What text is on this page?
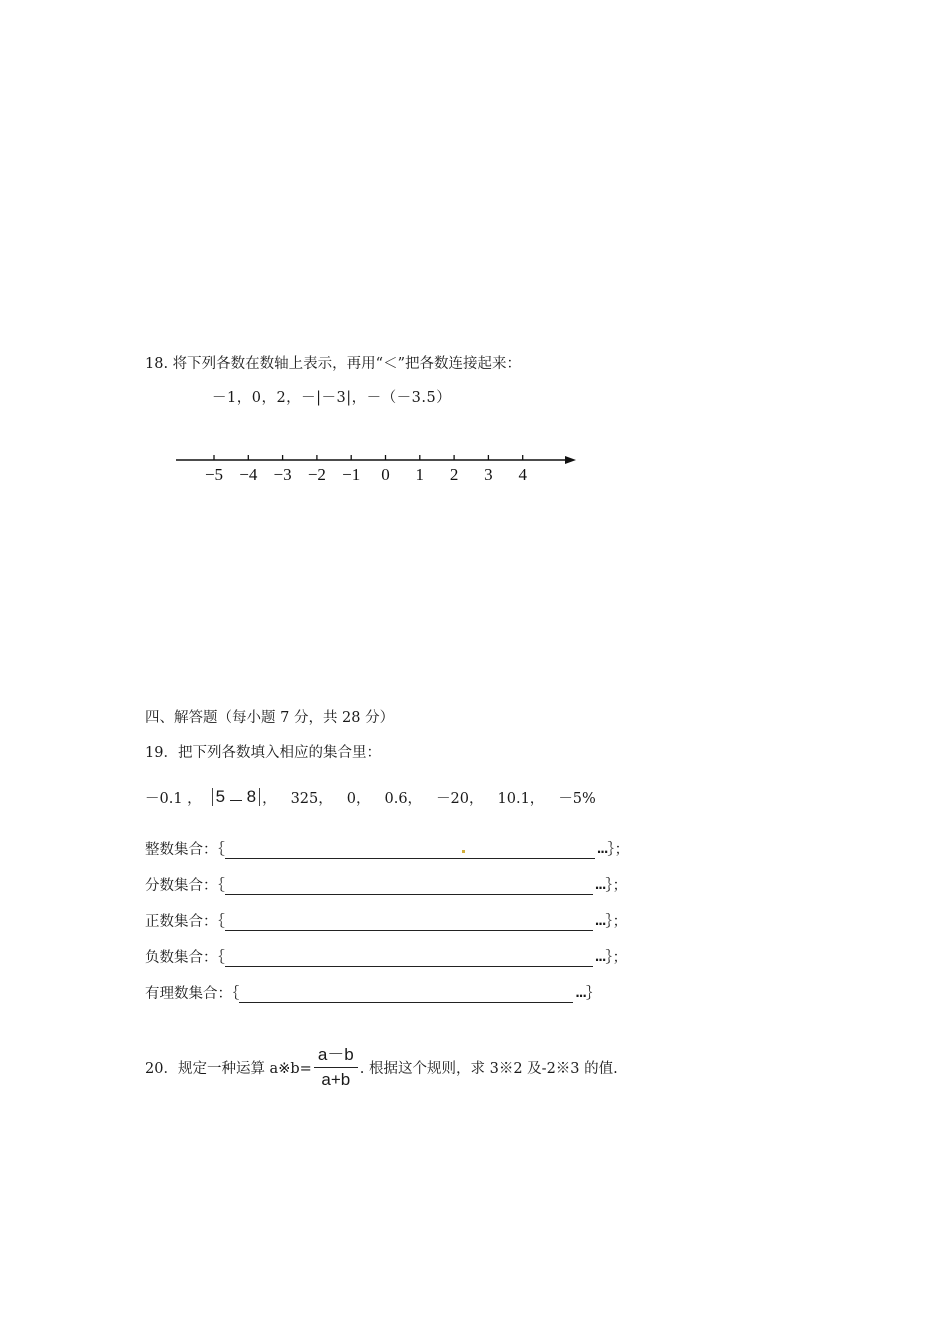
18. 将下列各数在数轴上表示，再用“＜”把各数连接起来：
－1，0，2，－|－3|，－（－3.5）
−5 −4 −3 −2 −1 0 1 2 3 4
四、解答题（每小题 7 分，共 28 分）
19．把下列各数填入相应的集合里：
－0.1 ， 5 8 ， 325， 0， 0.6， －20， 10.1， －5%
整数集合：｛	··· ｝；
分数集合：｛	··· ｝；
正数集合：｛	··· ｝；
负数集合：｛	··· ｝；
有理数集合：｛	··· ｝
20．规定一种运算 a※b=
a－b
a+b
. 根据这个规则，求 3※2 及-2※3 的值.
